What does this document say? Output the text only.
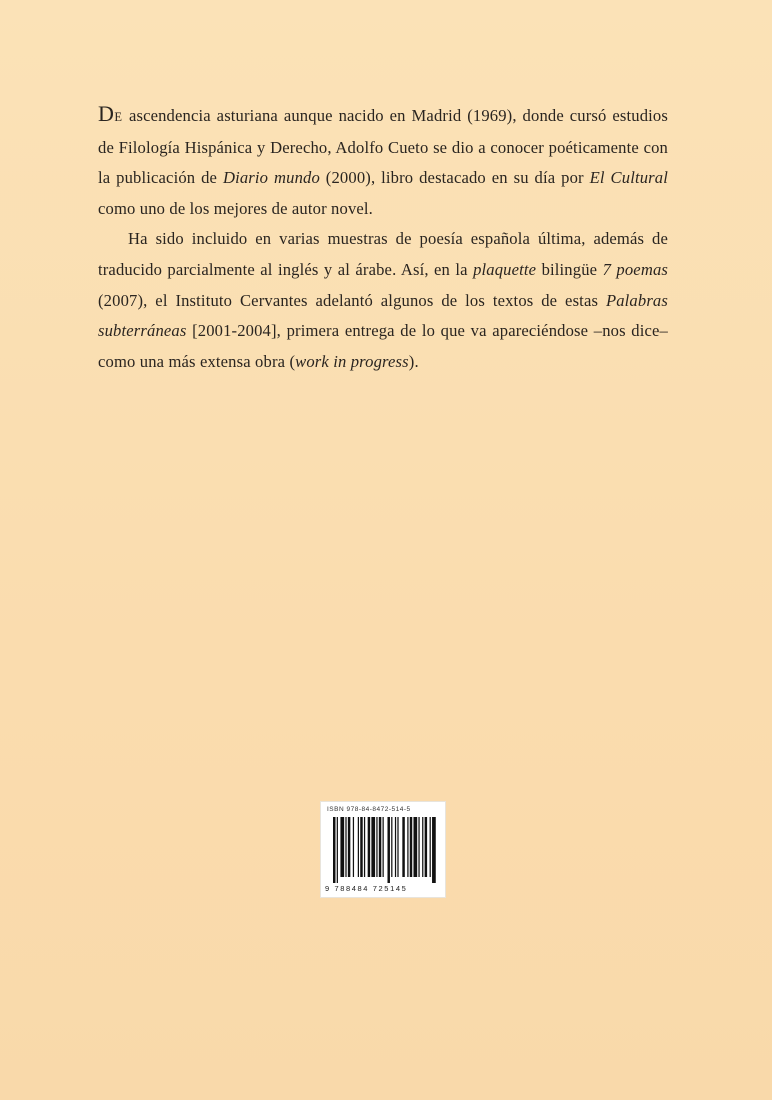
DE ascendencia asturiana aunque nacido en Madrid (1969), donde cursó estudios de Filología Hispánica y Derecho, Adolfo Cueto se dio a conocer poéticamente con la publicación de Diario mundo (2000), libro destacado en su día por El Cultural como uno de los mejores de autor novel.

Ha sido incluido en varias muestras de poesía española última, además de traducido parcialmente al inglés y al árabe. Así, en la plaquette bilingüe 7 poemas (2007), el Instituto Cervantes adelantó algunos de los textos de estas Palabras subterráneas [2001-2004], primera entrega de lo que va apareciéndose –nos dice– como una más extensa obra (work in progress).

ISBN 978-84-8472-514-5
9 788484 725145
